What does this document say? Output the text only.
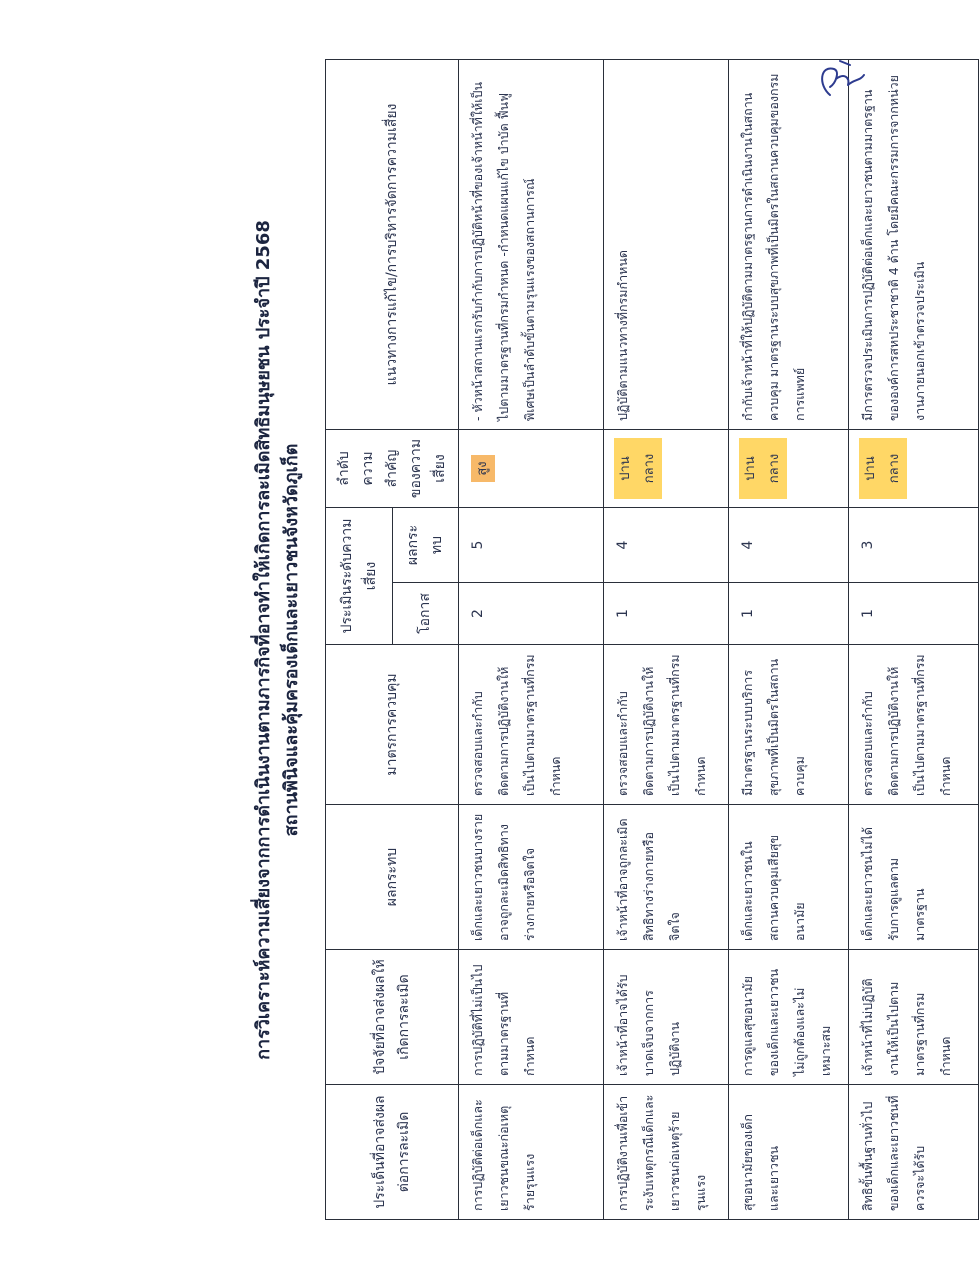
การวิเคราะห์ความเสี่ยงจากการดำเนินงานตามภารกิจที่อาจทำให้เกิดการละเมิดสิทธิมนุษยชน ประจำปี 2568 สถานพินิจและคุ้มครองเด็กและเยาวชนจังหวัดภูเก็ต
ประเด็นที่อาจส่งผลต่อการละเมิด	ปัจจัยที่อาจส่งผลให้เกิดการละเมิด	ผลกระทบ	มาตรการควบคุม	ประเมินระดับความเสี่ยง		ลำดับความสำคัญของความเสี่ยง	แนวทางการแก้ไข/การบริหารจัดการความเสี่ยง
				โอกาส	ผลกระทบ		
การปฏิบัติต่อเด็กและเยาวชนขณะก่อเหตุร้ายรุนแรง	การปฏิบัติที่ไม่เป็นไปตามมาตรฐานที่กำหนด	เด็กและเยาวชนบางรายอาจถูกละเมิดสิทธิทางร่างกายหรือจิตใจ	ตรวจสอบและกำกับติดตามการปฏิบัติงานให้เป็นไปตามมาตรฐานที่กรมกำหนด	2	5	สูง	- หัวหน้าสถานแรกรับกำกับการปฏิบัติหน้าที่ของเจ้าหน้าที่ให้เป็นไปตามมาตรฐานที่กรมกำหนด -กำหนดแผนแก้ไข บำบัด ฟื้นฟู พิเศษเป็นลำดับขั้นตามรุนแรงของสถานการณ์
การปฏิบัติงานเพื่อเข้าระงับเหตุกรณีเด็กและเยาวชนก่อเหตุร้ายรุนแรง	เจ้าหน้าที่อาจได้รับบาดเจ็บจากการปฏิบัติงาน	เจ้าหน้าที่อาจถูกละเมิดสิทธิทางร่างกายหรือจิตใจ	ตรวจสอบและกำกับติดตามการปฏิบัติงานให้เป็นไปตามมาตรฐานที่กรมกำหนด	1	4	ปานกลาง	ปฏิบัติตามแนวทางที่กรมกำหนด
สุขอนามัยของเด็กและเยาวชน	การดูแลสุขอนามัยของเด็กและเยาวชนไม่ถูกต้องและไม่เหมาะสม	เด็กและเยาวชนในสถานควบคุมเสียสุขอนามัย	มีมาตรฐานระบบบริการสุขภาพที่เป็นมิตรในสถานควบคุม	1	4	ปานกลาง	กำกับเจ้าหน้าที่ให้ปฏิบัติตามมาตรฐานการดำเนินงานในสถานควบคุม มาตรฐานระบบสุขภาพที่เป็นมิตรในสถานควบคุมของกรมการแพทย์
สิทธิขั้นพื้นฐานทั่วไปของเด็กและเยาวชนที่ควรจะได้รับ	เจ้าหน้าที่ไม่ปฏิบัติงานให้เป็นไปตามมาตรฐานที่กรมกำหนด	เด็กและเยาวชนไม่ได้รับการดูแลตามมาตรฐาน	ตรวจสอบและกำกับติดตามการปฏิบัติงานให้เป็นไปตามมาตรฐานที่กรมกำหนด	1	3	ปานกลาง	มีการตรวจประเมินการปฏิบัติต่อเด็กและเยาวชนตามมาตรฐานขององค์การสหประชาชาติ 4 ด้าน โดยมีคณะกรรมการจากหน่วยงานภายนอกเข้าตรวจประเมิน
